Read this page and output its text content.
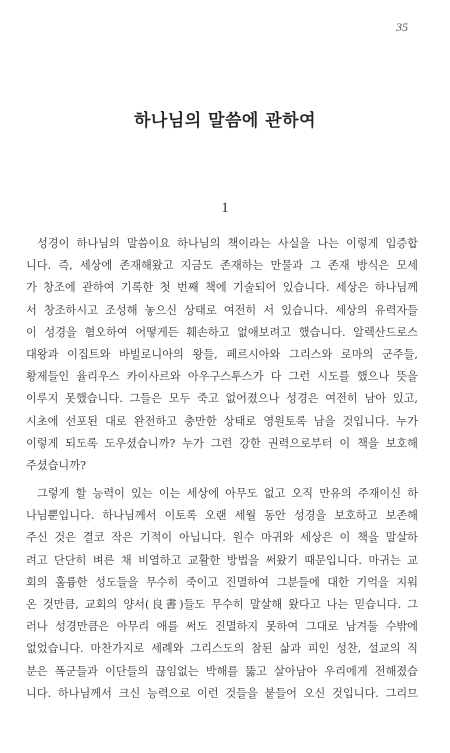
35
하나님의 말씀에 관하여
1
성경이 하나님의 말씀이요 하나님의 책이라는 사실을 나는 이렇게 입증합
니다. 즉, 세상에 존재해왔고 지금도 존재하는 만물과 그 존재 방식은 모세
가 창조에 관하여 기록한 첫 번째 책에 기술되어 있습니다. 세상은 하나님께
서 창조하시고 조성해 놓으신 상태로 여전히 서 있습니다. 세상의 유력자들
이 성경을 혐오하여 어떻게든 훼손하고 없애보려고 했습니다. 알렉산드로스
대왕과 이집트와 바빌로니아의 왕들, 페르시아와 그리스와 로마의 군주들,
황제들인 율리우스 카이사르와 아우구스투스가 다 그런 시도를 했으나 뜻을
이루지 못했습니다. 그들은 모두 죽고 없어졌으나 성경은 여전히 남아 있고,
시초에 선포된 대로 완전하고 충만한 상태로 영원토록 남을 것입니다. 누가
이렇게 되도록 도우셨습니까? 누가 그런 강한 권력으로부터 이 책을 보호해
주셨습니까?
그렇게 할 능력이 있는 이는 세상에 아무도 없고 오직 만유의 주재이신 하
나님뿐입니다. 하나님께서 이토록 오랜 세월 동안 성경을 보호하고 보존해
주신 것은 결코 작은 기적이 아닙니다. 원수 마귀와 세상은 이 책을 말살하
려고 단단히 벼른 채 비열하고 교활한 방법을 써왔기 때문입니다. 마귀는 교
회의 훌륭한 성도들을 무수히 죽이고 진멸하여 그분들에 대한 기억을 지워
온 것만큼, 교회의 양서(良書)들도 무수히 말살해 왔다고 나는 믿습니다. 그
러나 성경만큼은 아무리 애를 써도 진멸하지 못하여 그대로 남겨둘 수밖에
없었습니다. 마찬가지로 세례와 그리스도의 참된 삶과 피인 성찬, 설교의 직
분은 폭군들과 이단들의 끊임없는 박해를 뚫고 살아남아 우리에게 전해졌습
니다. 하나님께서 크신 능력으로 이런 것들을 붙들어 오신 것입니다. 그리므
